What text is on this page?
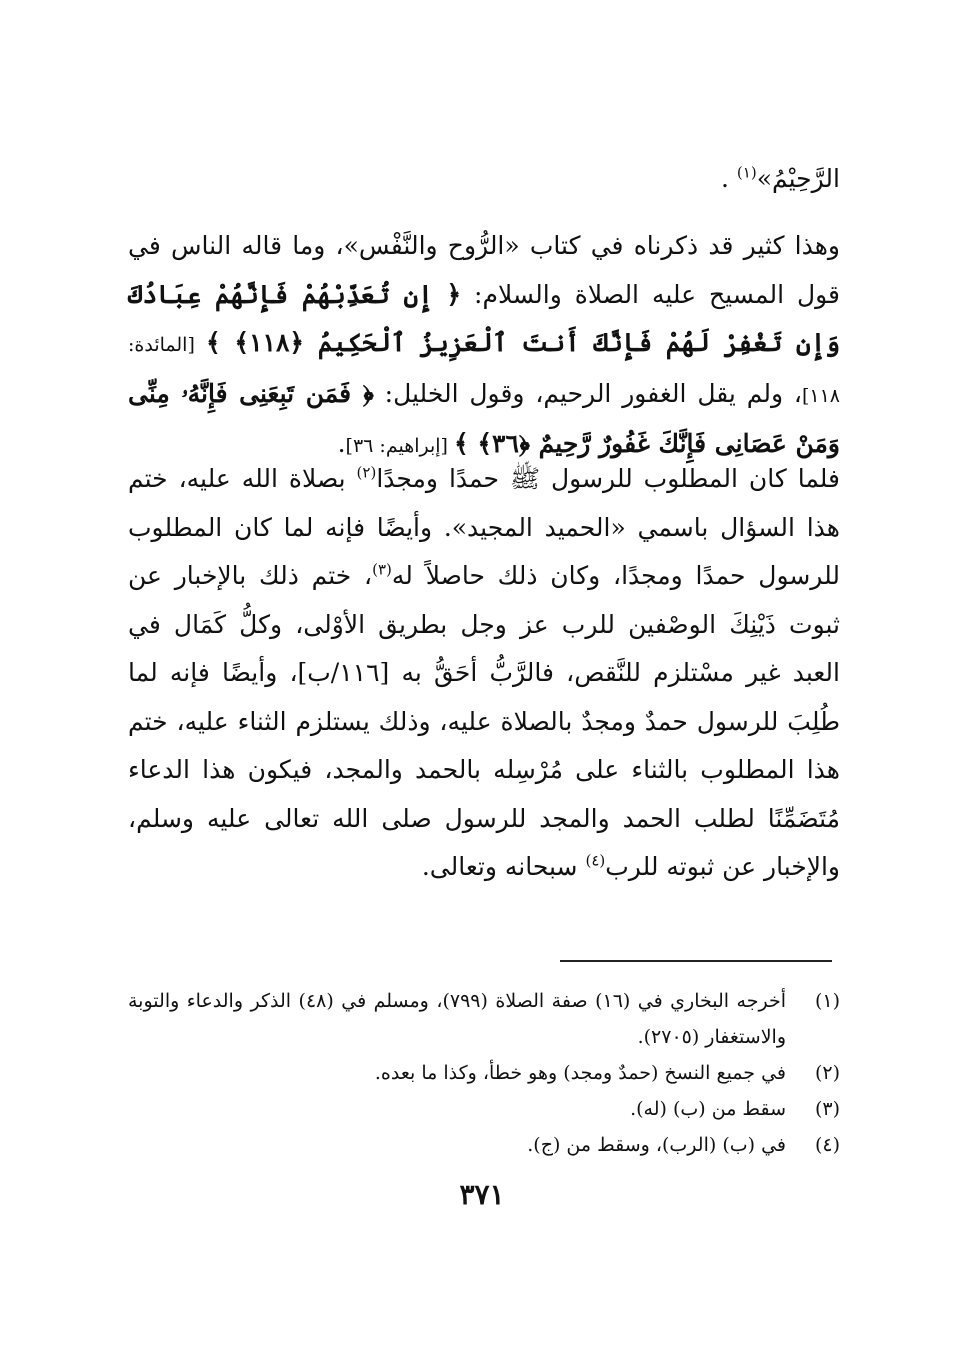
الرَّحِيْمُ»$^{(١)}$ .

وهذا كثير قد ذكرناه في كتاب «الرُّوح والنَّفْس»، وما قاله الناس في قول المسيح عليه الصلاة والسلام: ﴿ إِن تُعَذِّبْهُمْ فَإِنَّهُمْ عِبَادُكَ وَإِن تَغْفِرْ لَهُمْ فَإِنَّكَ أَنتَ ٱلْعَزِيزُ ٱلْحَكِيمُ ﴿١١٨﴾ ﴾ [المائدة: ١١٨]، ولم يقل الغفور الرحيم، وقول الخليل: ﴿ فَمَن تَبِعَنِى فَإِنَّهُۥ مِنِّى وَمَنْ عَصَانِى فَإِنَّكَ غَفُورٌ رَّحِيمٌ ﴿٣٦﴾ ﴾ [إبراهيم: ٣٦].

فلما كان المطلوب للرسول ﷺ حمدًا ومجدًا$^{(٢)}$ بصلاة الله عليه، ختم هذا السؤال باسمي «الحميد المجيد». وأيضًا فإنه لما كان المطلوب للرسول حمدًا ومجدًا، وكان ذلك حاصلاً له$^{(٣)}$، ختم ذلك بالإخبار عن ثبوت ذَيْنِكَ الوصْفين للرب عز وجل بطريق الأوْلى، وكلُّ كَمَال في العبد غير مسْتلزم للنَّقص، فالرَّبُّ أحَقُّ به [١١٦/ب]، وأيضًا فإنه لما طُلِبَ للرسول حمدٌ ومجدٌ بالصلاة عليه، وذلك يستلزم الثناء عليه، ختم هذا المطلوب بالثناء على مُرْسِله بالحمد والمجد، فيكون هذا الدعاء مُتَضَمِّنًا لطلب الحمد والمجد للرسول صلى الله تعالى عليه وسلم، والإخبار عن ثبوته للرب$^{(٤)}$ سبحانه وتعالى.

(١)
أخرجه البخاري في (١٦) صفة الصلاة (٧٩٩)، ومسلم في (٤٨) الذكر والدعاء والتوبة والاستغفار (٢٧٠٥).
(٢)
في جميع النسخ (حمدٌ ومجد) وهو خطأ، وكذا ما بعده.
(٣)
سقط من (ب) (له).
(٤)
في (ب) (الرب)، وسقط من (ج).
٣٧١
